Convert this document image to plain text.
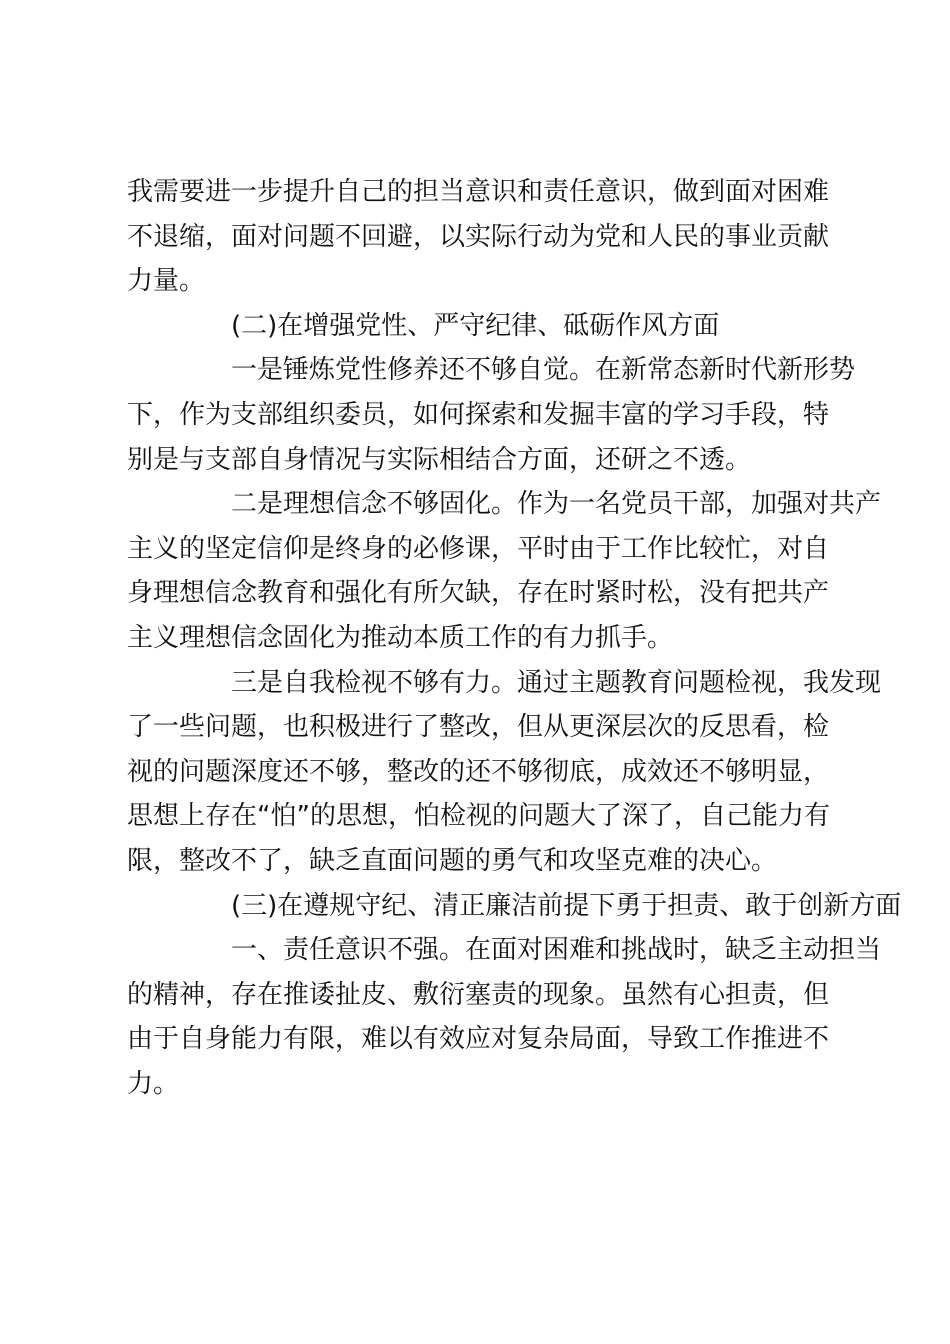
我需要进一步提升自己的担当意识和责任意识，做到面对困难
不退缩，面对问题不回避，以实际行动为党和人民的事业贡献
力量。

(二)在增强党性、严守纪律、砥砺作风方面

一是锤炼党性修养还不够自觉。在新常态新时代新形势
下，作为支部组织委员，如何探索和发掘丰富的学习手段，特
别是与支部自身情况与实际相结合方面，还研之不透。

二是理想信念不够固化。作为一名党员干部，加强对共产
主义的坚定信仰是终身的必修课，平时由于工作比较忙，对自
身理想信念教育和强化有所欠缺，存在时紧时松，没有把共产
主义理想信念固化为推动本质工作的有力抓手。

三是自我检视不够有力。通过主题教育问题检视，我发现
了一些问题，也积极进行了整改，但从更深层次的反思看，检
视的问题深度还不够，整改的还不够彻底，成效还不够明显，
思想上存在“怕”的思想，怕检视的问题大了深了，自己能力有
限，整改不了，缺乏直面问题的勇气和攻坚克难的决心。

(三)在遵规守纪、清正廉洁前提下勇于担责、敢于创新方面

一、责任意识不强。在面对困难和挑战时，缺乏主动担当
的精神，存在推诿扯皮、敷衍塞责的现象。虽然有心担责，但
由于自身能力有限，难以有效应对复杂局面，导致工作推进不
力。
